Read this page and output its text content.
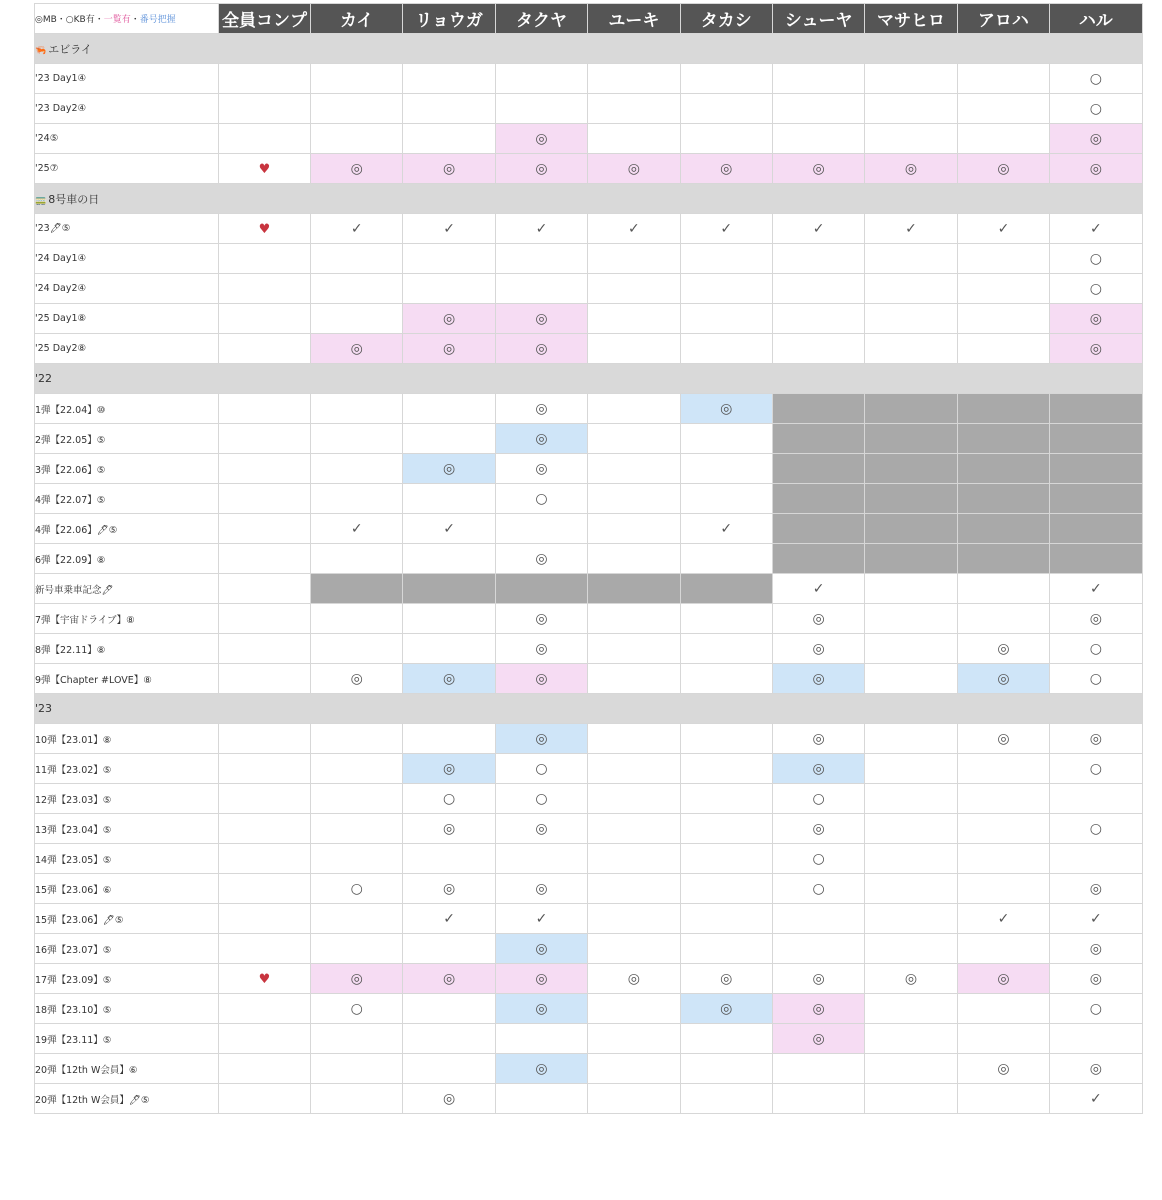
◎MB・○KB有・一覧有・番号把握	全員コンプ	カイ	リョウガ	タクヤ	ユーキ	タカシ	シューヤ	マサヒロ	アロハ	ハル
🦐 エビライ										
'23 Day1④										○
'23 Day2④										○
'24⑤				◎						◎
'25⑦	♥	◎	◎	◎	◎	◎	◎	◎	◎	◎
🚃 8号車の日										
'23🖊⑤	♥	✓	✓	✓	✓	✓	✓	✓	✓	✓
'24 Day1④										○
'24 Day2④										○
'25 Day1⑧			◎	◎						◎
'25 Day2⑧		◎	◎	◎						◎
'22										
1弾【22.04】⑩				◎		◎				
2弾【22.05】⑤				◎						
3弾【22.06】⑤			◎	◎						
4弾【22.07】⑤				○						
4弾【22.06】🖊⑤		✓	✓			✓				
6弾【22.09】⑧				◎						
新号車乗車記念🖊							✓			✓
7弾【宇宙ドライブ】⑧				◎			◎			◎
8弾【22.11】⑧				◎			◎		◎	○
9弾【Chapter #LOVE】⑧		◎	◎	◎			◎		◎	○
'23										
10弾【23.01】⑧				◎			◎		◎	◎
11弾【23.02】⑤			◎	○			◎			○
12弾【23.03】⑤			○	○			○			
13弾【23.04】⑤			◎	◎			◎			○
14弾【23.05】⑤							○			
15弾【23.06】⑥		○	◎	◎			○			◎
15弾【23.06】🖊⑤			✓	✓					✓	✓
16弾【23.07】⑤				◎						◎
17弾【23.09】⑤	♥	◎	◎	◎	◎	◎	◎	◎	◎	◎
18弾【23.10】⑤		○		◎		◎	◎			○
19弾【23.11】⑤							◎			
20弾【12th W会員】⑥				◎					◎	◎
20弾【12th W会員】🖊⑤			◎							✓
